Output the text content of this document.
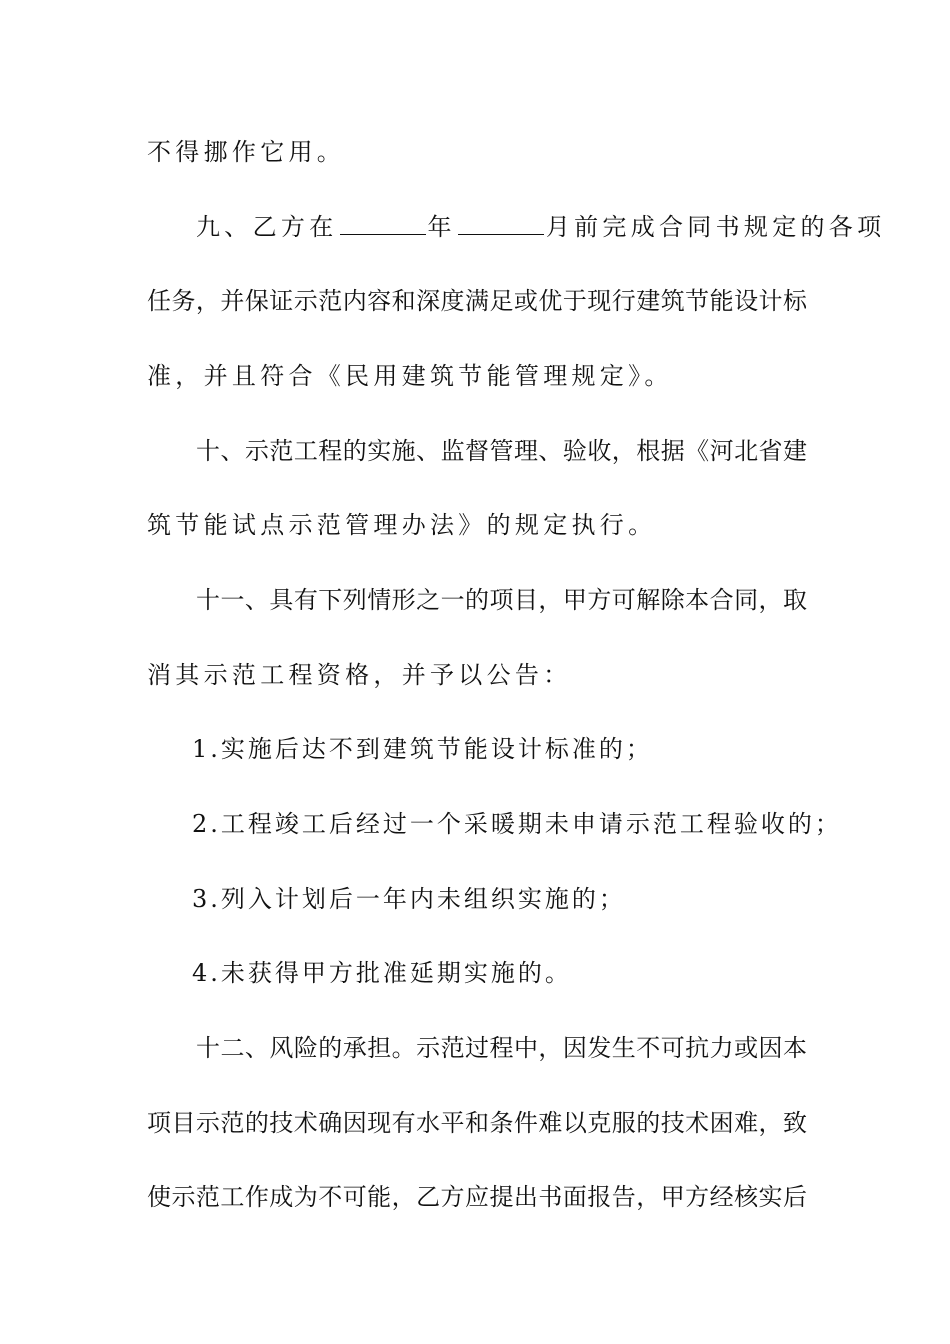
不得挪作它用。
九、乙方在	年	月前完成合同书规定的各项
任务，并保证示范内容和深度满足或优于现行建筑节能设计标
准，并且符合《民用建筑节能管理规定》。
十、示范工程的实施、监督管理、验收，根据《河北省建
筑节能试点示范管理办法》的规定执行。
十一、具有下列情形之一的项目，甲方可解除本合同，取
消其示范工程资格，并予以公告：
1.实施后达不到建筑节能设计标准的；
2.工程竣工后经过一个采暖期未申请示范工程验收的；
3.列入计划后一年内未组织实施的；
4.未获得甲方批准延期实施的。
十二、风险的承担。示范过程中，因发生不可抗力或因本
项目示范的技术确因现有水平和条件难以克服的技术困难，致
使示范工作成为不可能，乙方应提出书面报告，甲方经核实后
